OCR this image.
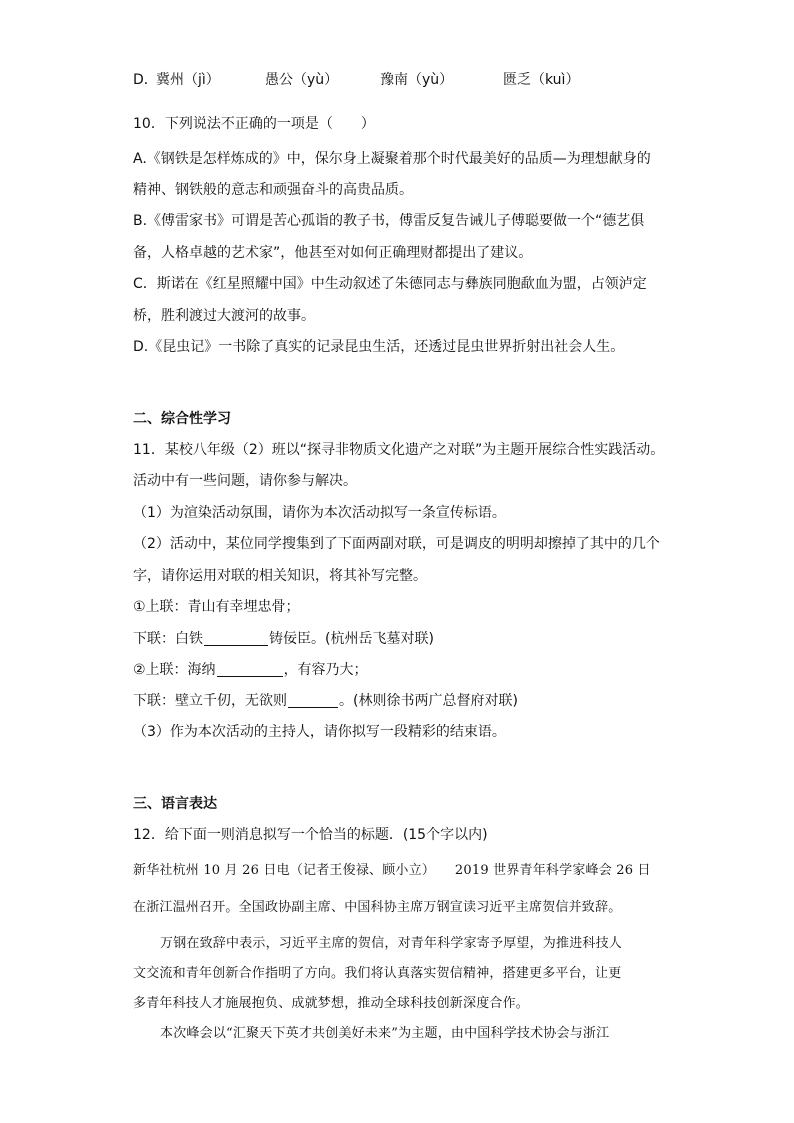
D．
冀州（jì）	愚公（yù）	豫南（yù）	匮乏（kuì）
10．下列说法不正确的一项是（　　）
A.《钢铁是怎样炼成的》中，保尔身上凝聚着那个时代最美好的品质—为理想献身的
精神、钢铁般的意志和顽强奋斗的高贵品质。
B.《傅雷家书》可谓是苦心孤诣的教子书，傅雷反复告诫儿子傅聪要做一个“德艺俱
备，人格卓越的艺术家”，他甚至对如何正确理财都提出了建议。
C．斯诺在《红星照耀中国》中生动叙述了朱德同志与彝族同胞歃血为盟，占领泸定
桥，胜利渡过大渡河的故事。
D.《昆虫记》一书除了真实的记录昆虫生活，还透过昆虫世界折射出社会人生。
二、综合性学习
11．某校八年级（2）班以“探寻非物质文化遗产之对联”为主题开展综合性实践活动。
活动中有一些问题，请你参与解决。
（1）为渲染活动氛围，请你为本次活动拟写一条宣传标语。
（2）活动中，某位同学搜集到了下面两副对联，可是调皮的明明却擦掉了其中的几个
字，请你运用对联的相关知识，将其补写完整。
①上联：青山有幸埋忠骨；
下联：白铁	铸佞臣。(杭州岳飞墓对联)
②上联：海纳	，有容乃大；
下联：壁立千仞，无欲则	。(林则徐书两广总督府对联)
（3）作为本次活动的主持人，请你拟写一段精彩的结束语。
三、语言表达
12．给下面一则消息拟写一个恰当的标题．(15个字以内)
新华社杭州 10 月 26 日电（记者王俊禄、顾小立）　　2019 世界青年科学家峰会 26 日
在浙江温州召开。全国政协副主席、中国科协主席万钢宣读习近平主席贺信并致辞。
万钢在致辞中表示，习近平主席的贺信，对青年科学家寄予厚望，为推进科技人
文交流和青年创新合作指明了方向。我们将认真落实贺信精神，搭建更多平台，让更
多青年科技人才施展抱负、成就梦想，推动全球科技创新深度合作。
本次峰会以“汇聚天下英才共创美好未来”为主题，由中国科学技术协会与浙江
